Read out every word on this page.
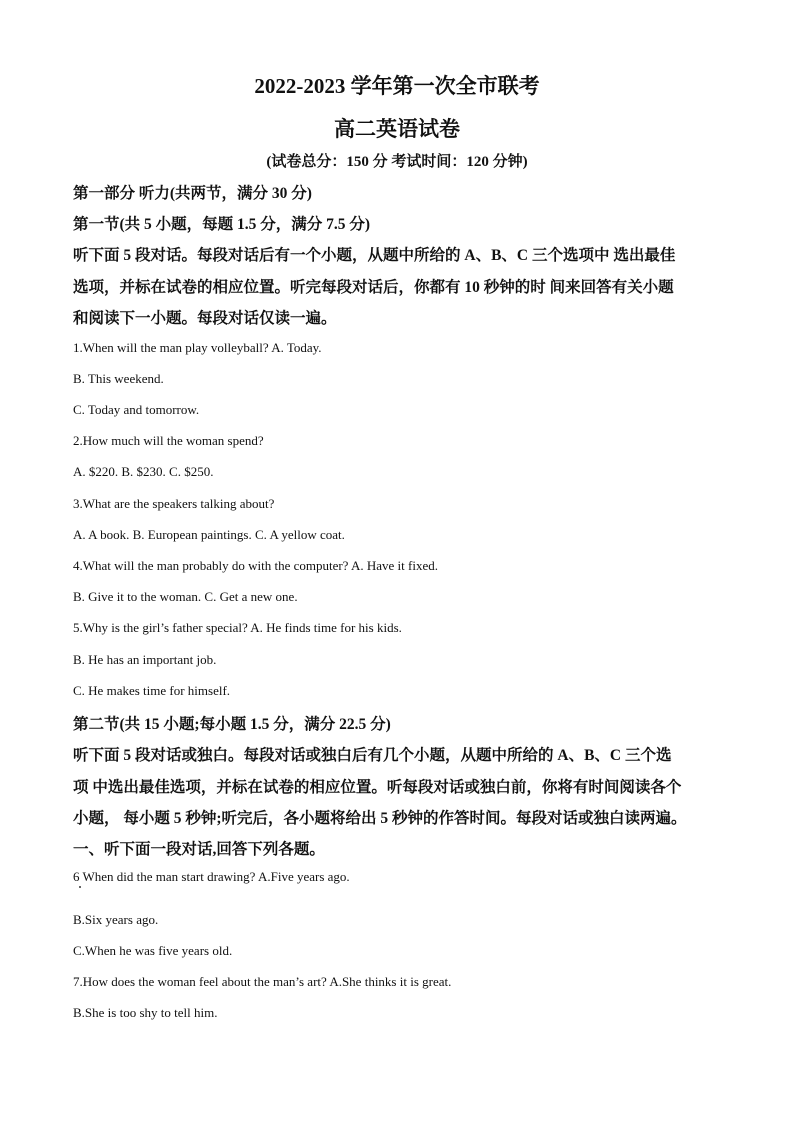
2022-2023 学年第一次全市联考

高二英语试卷

(试卷总分：150 分 考试时间：120 分钟)

第一部分 听力(共两节，满分 30 分)

第一节(共 5 小题，每题 1.5 分，满分 7.5 分)

听下面 5 段对话。每段对话后有一个小题，从题中所给的 A、B、C 三个选项中 选出最佳

选项，并标在试卷的相应位置。听完每段对话后，你都有 10 秒钟的时 间来回答有关小题

和阅读下一小题。每段对话仅读一遍。

1.When will the man play volleyball? A. Today.

B. This weekend.

C. Today and tomorrow.

2.How much will the woman spend?

A. $220. B. $230. C. $250.

3.What are the speakers talking about?

A. A book. B. European paintings. C. A yellow coat.

4.What will the man probably do with the computer? A. Have it fixed.

B. Give it to the woman. C. Get a new one.

5.Why is the girl’s father special? A. He finds time for his kids.

B. He has an important job.

C. He makes time for himself.

第二节(共 15 小题;每小题 1.5 分，满分 22.5 分)

听下面 5 段对话或独白。每段对话或独白后有几个小题，从题中所给的 A、B、C 三个选

项 中选出最佳选项，并标在试卷的相应位置。听每段对话或独白前，你将有时间阅读各个

小题， 每小题 5 秒钟;听完后，各小题将给出 5 秒钟的作答时间。每段对话或独白读两遍。

一、听下面一段对话,回答下列各题。

6 When did the man start drawing? A.Five years ago.

B.Six years ago.

C.When he was five years old.

7.How does the woman feel about the man’s art? A.She thinks it is great.

B.She is too shy to tell him.
